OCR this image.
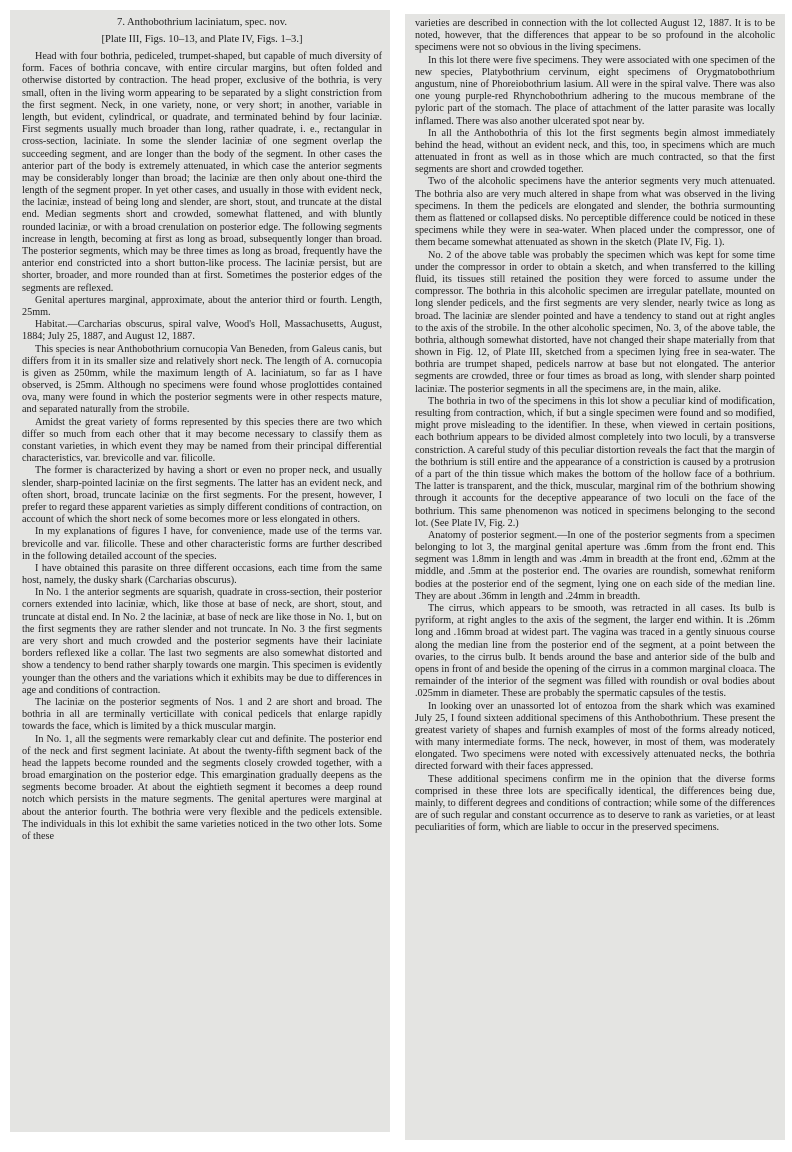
7. Anthobothrium laciniatum, spec. nov.
[Plate III, Figs. 10–13, and Plate IV, Figs. 1–3.]

Head with four bothria, pediceled, trumpet-shaped, but capable of much diversity of form. Faces of bothria concave, with entire circular margins, but often folded and otherwise distorted by contraction. The head proper, exclusive of the bothria, is very small, often in the living worm appearing to be separated by a slight constriction from the first segment. Neck, in one variety, none, or very short; in another, variable in length, but evident, cylindrical, or quadrate, and terminated behind by four laciniæ. First segments usually much broader than long, rather quadrate, i. e., rectangular in cross-section, laciniate. In some the slender laciniæ of one segment overlap the succeeding segment, and are longer than the body of the segment. In other cases the anterior part of the body is extremely attenuated, in which case the anterior segments may be considerably longer than broad; the laciniæ are then only about one-third the length of the segment proper. In yet other cases, and usually in those with evident neck, the laciniæ, instead of being long and slender, are short, stout, and truncate at the distal end. Median segments short and crowded, somewhat flattened, and with bluntly rounded laciniæ, or with a broad crenulation on posterior edge. The following segments increase in length, becoming at first as long as broad, subsequently longer than broad. The posterior segments, which may be three times as long as broad, frequently have the anterior end constricted into a short button-like process. The laciniæ persist, but are shorter, broader, and more rounded than at first. Sometimes the posterior edges of the segments are reflexed.

Genital apertures marginal, approximate, about the anterior third or fourth. Length, 25mm.

Habitat.—Carcharias obscurus, spiral valve, Wood's Holl, Massachusetts, August, 1884; July 25, 1887, and August 12, 1887.

This species is near Anthobothrium cornucopia Van Beneden, from Galeus canis, but differs from it in its smaller size and relatively short neck. The length of A. cornucopia is given as 250mm, while the maximum length of A. laciniatum, so far as I have observed, is 25mm. Although no specimens were found whose proglottides contained ova, many were found in which the posterior segments were in other respects mature, and separated naturally from the strobile.

Amidst the great variety of forms represented by this species there are two which differ so much from each other that it may become necessary to classify them as constant varieties, in which event they may be named from their principal differential characteristics, var. brevicolle and var. filicolle.

The former is characterized by having a short or even no proper neck, and usually slender, sharp-pointed laciniæ on the first segments. The latter has an evident neck, and often short, broad, truncate laciniæ on the first segments. For the present, however, I prefer to regard these apparent varieties as simply different conditions of contraction, on account of which the short neck of some becomes more or less elongated in others.

In my explanations of figures I have, for convenience, made use of the terms var. brevicolle and var. filicolle. These and other characteristic forms are further described in the following detailed account of the species.

I have obtained this parasite on three different occasions, each time from the same host, namely, the dusky shark (Carcharias obscurus).

In No. 1 the anterior segments are squarish, quadrate in cross-section, their posterior corners extended into laciniæ, which, like those at base of neck, are short, stout, and truncate at distal end. In No. 2 the laciniæ, at base of neck are like those in No. 1, but on the first segments they are rather slender and not truncate. In No. 3 the first segments are very short and much crowded and the posterior segments have their laciniate borders reflexed like a collar. The last two segments are also somewhat distorted and show a tendency to bend rather sharply towards one margin. This specimen is evidently younger than the others and the variations which it exhibits may be due to differences in age and conditions of contraction.

The laciniæ on the posterior segments of Nos. 1 and 2 are short and broad. The bothria in all are terminally verticillate with conical pedicels that enlarge rapidly towards the face, which is limited by a thick muscular margin.

In No. 1, all the segments were remarkably clear cut and definite. The posterior end of the neck and first segment laciniate. At about the twenty-fifth segment back of the head the lappets become rounded and the segments closely crowded together, with a broad emargination on the posterior edge. This emargination gradually deepens as the segments become broader. At about the eightieth segment it becomes a deep round notch which persists in the mature segments. The genital apertures were marginal at about the anterior fourth. The bothria were very flexible and the pedicels extensible. The individuals in this lot exhibit the same varieties noticed in the two other lots. Some of these

varieties are described in connection with the lot collected August 12, 1887. It is to be noted, however, that the differences that appear to be so profound in the alcoholic specimens were not so obvious in the living specimens.

In this lot there were five specimens. They were associated with one specimen of the new species, Platybothrium cervinum, eight specimens of Orygmatobothrium angustum, nine of Phoreiobothrium lasium. All were in the spiral valve. There was also one young purple-red Rhynchobothrium adhering to the mucous membrane of the pyloric part of the stomach. The place of attachment of the latter parasite was locally inflamed. There was also another ulcerated spot near by.

In all the Anthobothria of this lot the first segments begin almost immediately behind the head, without an evident neck, and this, too, in specimens which are much attenuated in front as well as in those which are much contracted, so that the first segments are short and crowded together.

Two of the alcoholic specimens have the anterior segments very much attenuated. The bothria also are very much altered in shape from what was observed in the living specimens. In them the pedicels are elongated and slender, the bothria surmounting them as flattened or collapsed disks. No perceptible difference could be noticed in these specimens while they were in sea-water. When placed under the compressor, one of them became somewhat attenuated as shown in the sketch (Plate IV, Fig. 1).

No. 2 of the above table was probably the specimen which was kept for some time under the compressor in order to obtain a sketch, and when transferred to the killing fluid, its tissues still retained the position they were forced to assume under the compressor. The bothria in this alcoholic specimen are irregular patellate, mounted on long slender pedicels, and the first segments are very slender, nearly twice as long as broad. The laciniæ are slender pointed and have a tendency to stand out at right angles to the axis of the strobile. In the other alcoholic specimen, No. 3, of the above table, the bothria, although somewhat distorted, have not changed their shape materially from that shown in Fig. 12, of Plate III, sketched from a specimen lying free in sea-water. The bothria are trumpet shaped, pedicels narrow at base but not elongated. The anterior segments are crowded, three or four times as broad as long, with slender sharp pointed laciniæ. The posterior segments in all the specimens are, in the main, alike.

The bothria in two of the specimens in this lot show a peculiar kind of modification, resulting from contraction, which, if but a single specimen were found and so modified, might prove misleading to the identifier. In these, when viewed in certain positions, each bothrium appears to be divided almost completely into two loculi, by a transverse constriction. A careful study of this peculiar distortion reveals the fact that the margin of the bothrium is still entire and the appearance of a constriction is caused by a protrusion of a part of the thin tissue which makes the bottom of the hollow face of a bothrium. The latter is transparent, and the thick, muscular, marginal rim of the bothrium showing through it accounts for the deceptive appearance of two loculi on the face of the bothrium. This same phenomenon was noticed in specimens belonging to the second lot. (See Plate IV, Fig. 2.)

Anatomy of posterior segment.—In one of the posterior segments from a specimen belonging to lot 3, the marginal genital aperture was .6mm from the front end. This segment was 1.8mm in length and was .4mm in breadth at the front end, .62mm at the middle, and .5mm at the posterior end. The ovaries are roundish, somewhat reniform bodies at the posterior end of the segment, lying one on each side of the median line. They are about .36mm in length and .24mm in breadth.

The cirrus, which appears to be smooth, was retracted in all cases. Its bulb is pyriform, at right angles to the axis of the segment, the larger end within. It is .26mm long and .16mm broad at widest part. The vagina was traced in a gently sinuous course along the median line from the posterior end of the segment, at a point between the ovaries, to the cirrus bulb. It bends around the base and anterior side of the bulb and opens in front of and beside the opening of the cirrus in a common marginal cloaca. The remainder of the interior of the segment was filled with roundish or oval bodies about .025mm in diameter. These are probably the spermatic capsules of the testis.

In looking over an unassorted lot of entozoa from the shark which was examined July 25, I found sixteen additional specimens of this Anthobothrium. These present the greatest variety of shapes and furnish examples of most of the forms already noticed, with many intermediate forms. The neck, however, in most of them, was moderately elongated. Two specimens were noted with excessively attenuated necks, the bothria directed forward with their faces appressed.

These additional specimens confirm me in the opinion that the diverse forms comprised in these three lots are specifically identical, the differences being due, mainly, to different degrees and conditions of contraction; while some of the differences are of such regular and constant occurrence as to deserve to rank as varieties, or at least peculiarities of form, which are liable to occur in the preserved specimens.
